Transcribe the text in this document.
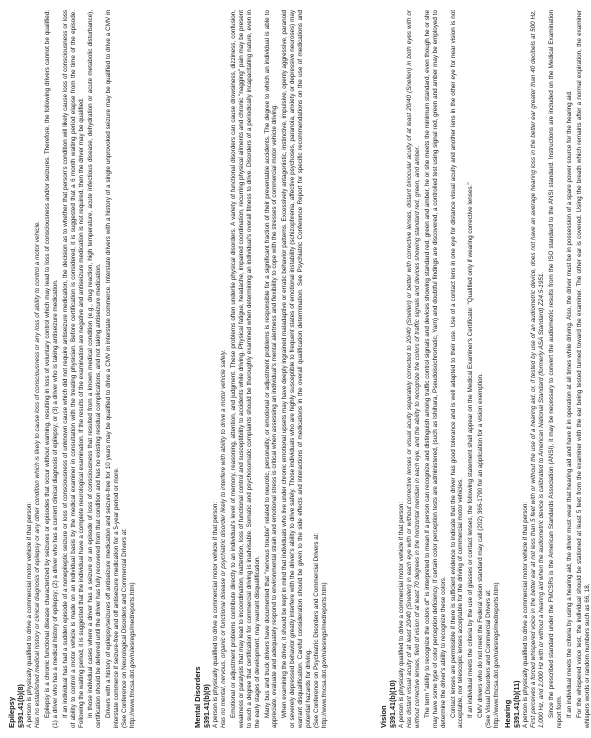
Epilepsy §391.41(b)(8) A person is physically qualified to drive a commercial motor vehicle if that person: Has no established medical history or clinical diagnosis of epilepsy or any other condition which is likely to cause loss of consciousness or any loss of ability to control a motor vehicle. Epilepsy is a chronic functional disease characterized by seizures or episodes that occur without warning, resulting in loss of voluntary control which may lead to loss of consciousness and/or seizures. Therefore, the following drivers cannot be qualified: (1) a driver who has a medical history of epilepsy; (2) a driver who has a current clinical diagnosis of epilepsy; or (3) a driver who is taking antiseizure medication. If an individual has had a sudden episode of a nonepileptic seizure or loss of consciousness of unknown cause which did not require antiseizure medication, the decision as to whether that person's condition will likely cause loss of consciousness or loss of ability to control a motor vehicle is made on an individual basis by the medical examiner in consultation with the treating physician. Before certification is considered, it is suggested that a 6 month waiting period elapse from the time of the episode. Following the waiting period, it is suggested that the individual have a complete neurological examination. If the results of the examination are negative and antiseizure medication is not required, then the driver may be qualified. In those individual cases where a driver has a seizure or an episode of loss of consciousness that resulted from a known medical condition (e.g., drug reaction, high temperature, acute infectious disease, dehydration or acute metabolic disturbance), certification should be deferred until the driver has fully recovered from that condition and has no existing residual complications, and not taking antiseizure medication. Drivers with a history of epilepsy/seizures off antiseizure medication and seizure-free for 10 years may be qualified to drive a CMV in interstate commerce. Interstate drivers with a history of a single unprovoked seizure may be qualified to drive a CMV in interstate commerce if seizure-free and off antiseizure medication for a 5-year period or more. (See Conference on Neurological Disorders and Commercial Drivers at: http://www.fmcsa.dot.gov/rulesregs/medreports.htm)	Mental Disorders §391.41(b)(9) A person is physically qualified to drive a commercial motor vehicle if that person: Has no mental, nervous, organic or functional disease or psychiatric disorder likely to interfere with ability to drive a motor vehicle safely. Emotional or adjustment problems contribute directly to an individual's level of memory, reasoning, attention, and judgment. These problems often underlie physical disorders. A variety of functional disorders can cause drowsiness, dizziness, confusion, weakness or paralysis that may lead to incoordination, inattention, loss of functional control and susceptibility to accidents while driving. Physical fatigue, headache, impaired coordination, recurring physical ailments and chronic "nagging" pain may be present to such a degree that certification for commercial driving is inadvisable. Somatic and psychosomatic complaints should be thoroughly examined when determining an individual's overall fitness to drive. Disorders of a periodically incapacitating nature, even in the early stages of development, may warrant disqualification. Many bus and truck drivers have documented that "nervous trouble" related to neurotic, personality, or emotional or adjustment problems is responsible for a significant fraction of their preventable accidents. The degree to which an individual is able to appreciate, evaluate and adequately respond to environmental strain and emotional stress is critical when assessing an individual's mental alertness and flexibility to cope with the stresses of commercial motor vehicle driving. When examining the driver, it should be kept in mind that individuals who live under chronic emotional upsets may have deeply ingrained maladaptive or erratic behavior patterns. Excessively antagonistic, instinctive, impulsive, openly aggressive, paranoid or severely depressed behavior greatly interfere with the driver's ability to drive safely. Those individuals who are highly susceptible to frequent states of emotional instability (schizophrenia, affective psychoses, paranoia, anxiety or depressive neuroses) may warrant disqualification. Careful consideration should be given to the side effects and interactions of medications in the overall qualification determination. See Psychiatric Conference Report for specific recommendations on the use of medications and potential hazards for driving. (See Conference on Psychiatric Disorders and Commercial Drivers at: http://www.fmcsa.dot.gov/rulesregs/medreports.htm)	Vision §391.41(b)(10) A person is physically qualified to drive a commercial motor vehicle if that person: Has distant visual acuity of at least 20/40 (Snellen) in each eye with or without corrective lenses or visual acuity separately corrected to 20/40 (Snellen) or better with corrective lenses, distant binocular acuity of at least 20/40 (Snellen) in both eyes with or without corrective lenses, field of vision of at least 70 degrees in the horizontal meridian in each eye, and the ability to recognize the colors of traffic signals and devices showing standard red, green, and amber. The term "ability to recognize the colors of" is interpreted to mean if a person can recognize and distinguish among traffic control signals and devices showing standard red, green and amber, he or she meets the minimum standard, even though he or she may have some type of color perception deficiency. If certain color perception tests are administered, (such as Ishihara, Pseudoisochromatic, Yarn) and doubtful findings are discovered, a controlled test using signal red, green and amber may be employed to determine the driver's ability to recognize these colors. Contact lenses are permissible if there is sufficient evidence to indicate that the driver has good tolerance and is well adapted to their use. Use of a contact lens in one eye for distance visual acuity and another lens in the other eye for near vision is not acceptable, nor telescopic lenses acceptable for the driving of commercial motor vehicles. If an individual meets the criteria by the use of glasses or contact lenses, the following statement shall appear on the Medical Examiner's Certificate: "Qualified only if wearing corrective lenses." CMV drivers who do not meet the Federal vision standard may call (202) 366-1790 for an application for a vision exemption. (See Visual Disorders and Commercial Drivers at: http://www.fmcsa.dot.gov/rulesregs/medreports.htm) Hearing §391.41(b)(11) A person is physically qualified to drive a commercial motor vehicle if that person: First perceives a forced whispered voice in the better ear at not less than 5 feet with or without the use of a hearing aid, or, if tested by use of an audiometric device, does not have an average hearing loss in the better ear greater than 40 decibels at 500 Hz, 1,000 Hz, and 2,000 Hz with or without a hearing aid when the audiometric device is calibrated to American National Standard (formerly ASA Standard) Z24.5-1951. Since the prescribed standard under the FMCSRs is the American Standards Association (ANSI), it may be necessary to convert the audiometric results from the ISO standard to the ANSI standard. Instructions are included on the Medical Examination report form. If an individual meets the criteria by using a hearing aid, the driver must wear that hearing aid and have it in operation at all times while driving. Also, the driver must be in possession of a spare power source for the hearing aid. For the whispered voice test, the individual should be stationed at least 5 feet from the examiner with the ear being tested turned toward the examiner. The other ear is covered. Using the breath which remains after a normal expiration, the examiner whispers words or random numbers such as 66, 18,
